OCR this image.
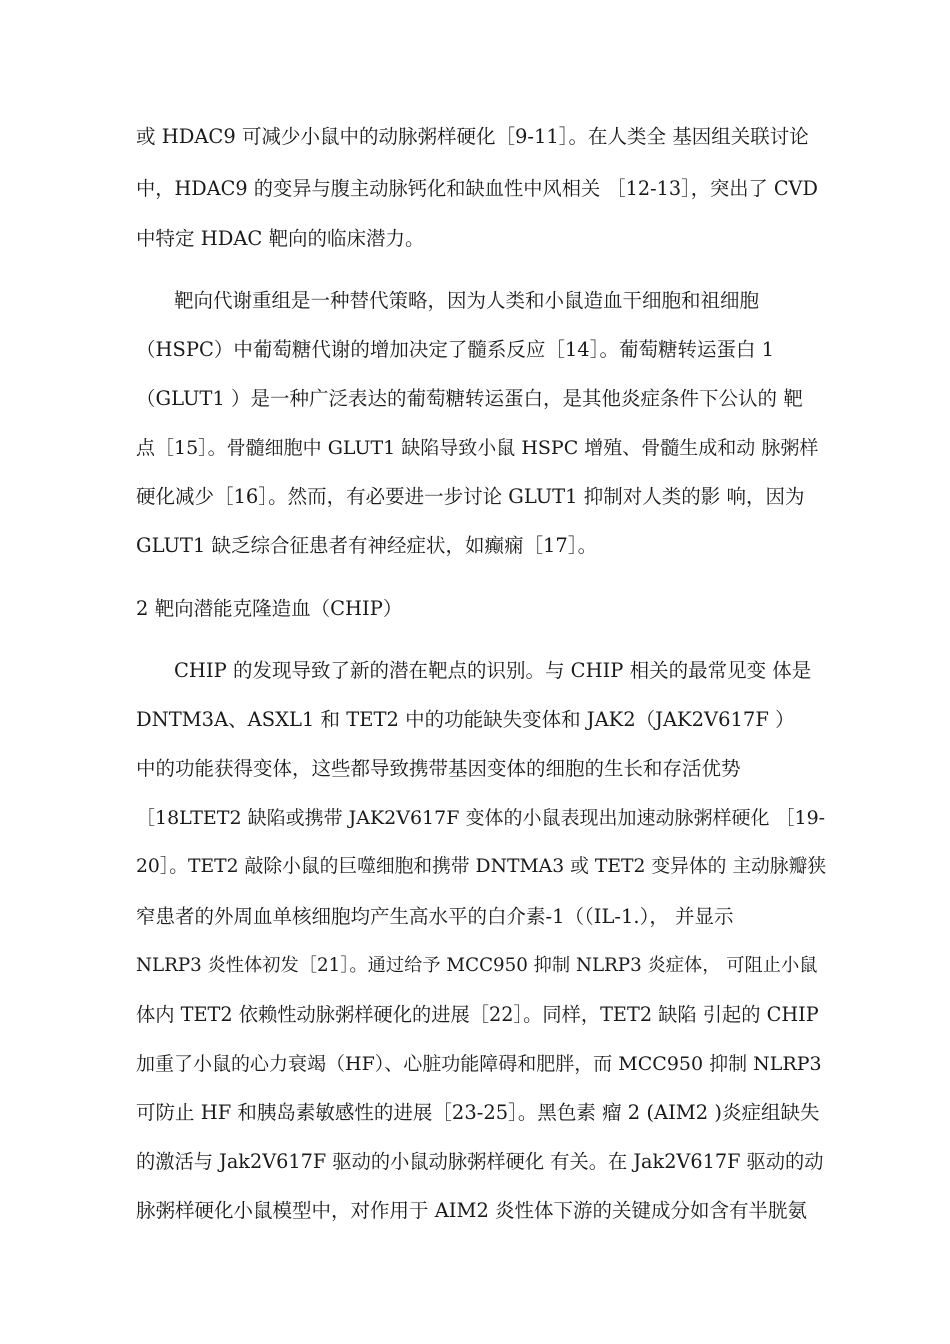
或 HDAC9 可减少小鼠中的动脉粥样硬化［9-11］。在人类全 基因组关联讨论
中，HDAC9 的变异与腹主动脉钙化和缺血性中风相关 ［12-13］，突出了 CVD
中特定 HDAC 靶向的临床潜力。
靶向代谢重组是一种替代策略，因为人类和小鼠造血干细胞和祖细胞
（HSPC）中葡萄糖代谢的增加决定了髓系反应［14］。葡萄糖转运蛋白 1
（GLUT1 ）是一种广泛表达的葡萄糖转运蛋白，是其他炎症条件下公认的 靶
点［15］。骨髓细胞中 GLUT1 缺陷导致小鼠 HSPC 增殖、骨髓生成和动 脉粥样
硬化减少［16］。然而，有必要进一步讨论 GLUT1 抑制对人类的影 响，因为
GLUT1 缺乏综合征患者有神经症状，如癫痫［17］。
2 靶向潜能克隆造血（CHIP）
CHIP 的发现导致了新的潜在靶点的识别。与 CHIP 相关的最常见变 体是
DNTM3A、ASXL1 和 TET2 中的功能缺失变体和 JAK2（JAK2V617F ）
中的功能获得变体，这些都导致携带基因变体的细胞的生长和存活优势
［18LTET2 缺陷或携带 JAK2V617F 变体的小鼠表现出加速动脉粥样硬化 ［19-
20］。TET2 敲除小鼠的巨噬细胞和携带 DNTMA3 或 TET2 变异体的 主动脉瓣狭
窄患者的外周血单核细胞均产生高水平的白介素-1（（IL-1.）， 并显示
NLRP3 炎性体初发［21］。通过给予 MCC950 抑制 NLRP3 炎症体， 可阻止小鼠
体内 TET2 依赖性动脉粥样硬化的进展［22］。同样，TET2 缺陷 引起的 CHIP
加重了小鼠的心力衰竭（HF）、心脏功能障碍和肥胖，而 MCC950 抑制 NLRP3
可防止 HF 和胰岛素敏感性的进展［23-25］。黑色素 瘤 2 (AIM2 )炎症组缺失
的激活与 Jak2V617F 驱动的小鼠动脉粥样硬化 有关。在 Jak2V617F 驱动的动
脉粥样硬化小鼠模型中，对作用于 AIM2 炎性体下游的关键成分如含有半胱氨
